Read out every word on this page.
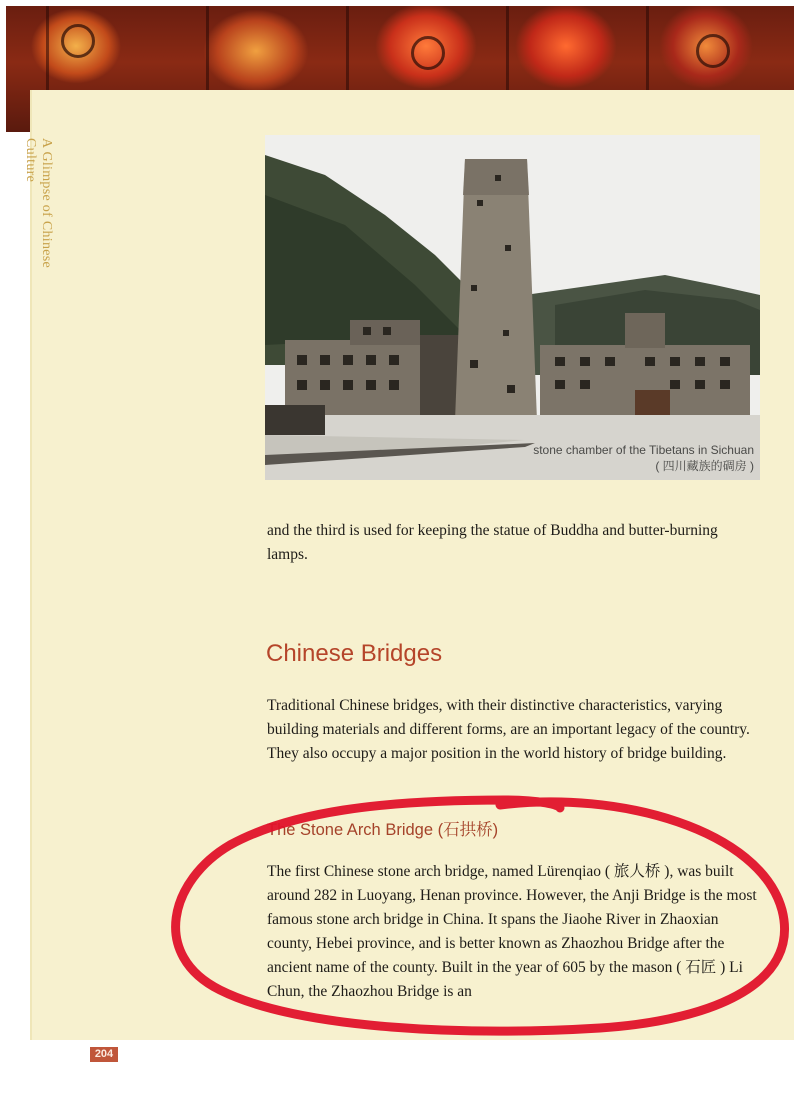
A Glimpse of Chinese Culture
stone chamber of the Tibetans in Sichuan
( 四川藏族的碉房 )

and the third is used for keeping the statue of Buddha and butter-burning lamps.

Chinese Bridges

Traditional Chinese bridges, with their distinctive characteristics, varying building materials and different forms, are an important legacy of the country. They also occupy a major position in the world history of bridge building.

The Stone Arch Bridge (石拱桥)

The first Chinese stone arch bridge, named Lürenqiao ( 旅人桥 ), was built around 282 in Luoyang, Henan province. However, the Anji Bridge is the most famous stone arch bridge in China. It spans the Jiaohe River in Zhaoxian county, Hebei province, and is better known as Zhaozhou Bridge after the ancient name of the county. Built in the year of 605 by the mason ( 石匠 ) Li Chun, the Zhaozhou Bridge is an

204
